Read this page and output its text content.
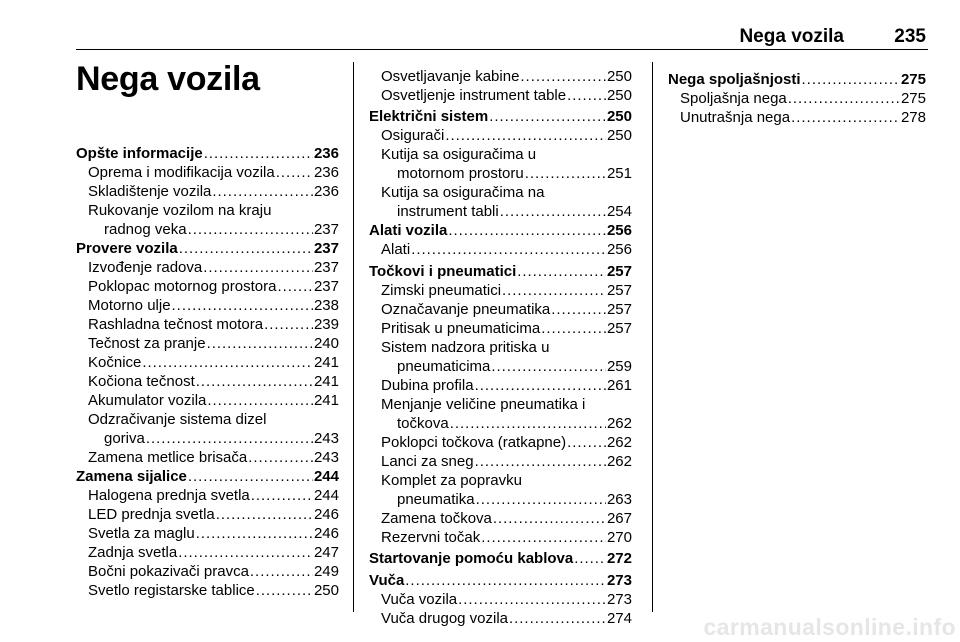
Nega vozila	235
Nega vozila
Opšte informacije . . .	236
Oprema i modifikacija vozila . . .	236
Skladištenje vozila . . .	236
Rukovanje vozilom na kraju
radnog veka . . .	237
Provere vozila . . .	237
Izvođenje radova . . .	237
Poklopac motornog prostora . . .	237
Motorno ulje . . .	238
Rashladna tečnost motora . . .	239
Tečnost za pranje . . .	240
Kočnice . . .	241
Kočiona tečnost . . .	241
Akumulator vozila . . .	241
Odzračivanje sistema dizel
goriva . . .	243
Zamena metlice brisača . . .	243
Zamena sijalice . . .	244
Halogena prednja svetla . . .	244
LED prednja svetla . . .	246
Svetla za maglu . . .	246
Zadnja svetla . . .	247
Bočni pokazivači pravca . . .	249
Svetlo registarske tablice . . .	250
Osvetljavanje kabine . . .	250
Osvetljenje instrument table . . .	250
Električni sistem . . .	250
Osigurači . . .	250
Kutija sa osiguračima u
motornom prostoru . . .	251
Kutija sa osiguračima na
instrument tabli . . .	254
Alati vozila . . .	256
Alati . . .	256
Točkovi i pneumatici . . .	257
Zimski pneumatici . . .	257
Označavanje pneumatika . . .	257
Pritisak u pneumaticima . . .	257
Sistem nadzora pritiska u
pneumaticima . . .	259
Dubina profila . . .	261
Menjanje veličine pneumatika i
točkova . . .	262
Poklopci točkova (ratkapne) . . .	262
Lanci za sneg . . .	262
Komplet za popravku
pneumatika . . .	263
Zamena točkova . . .	267
Rezervni točak . . .	270
Startovanje pomoću kablova . . . 272
Vuča . . .	273
Vuča vozila . . .	273
Vuča drugog vozila . . .	274
Nega spoljašnjosti . . .	275
Spoljašnja nega . . .	275
Unutrašnja nega . . .	278
carmanualsonline.info
